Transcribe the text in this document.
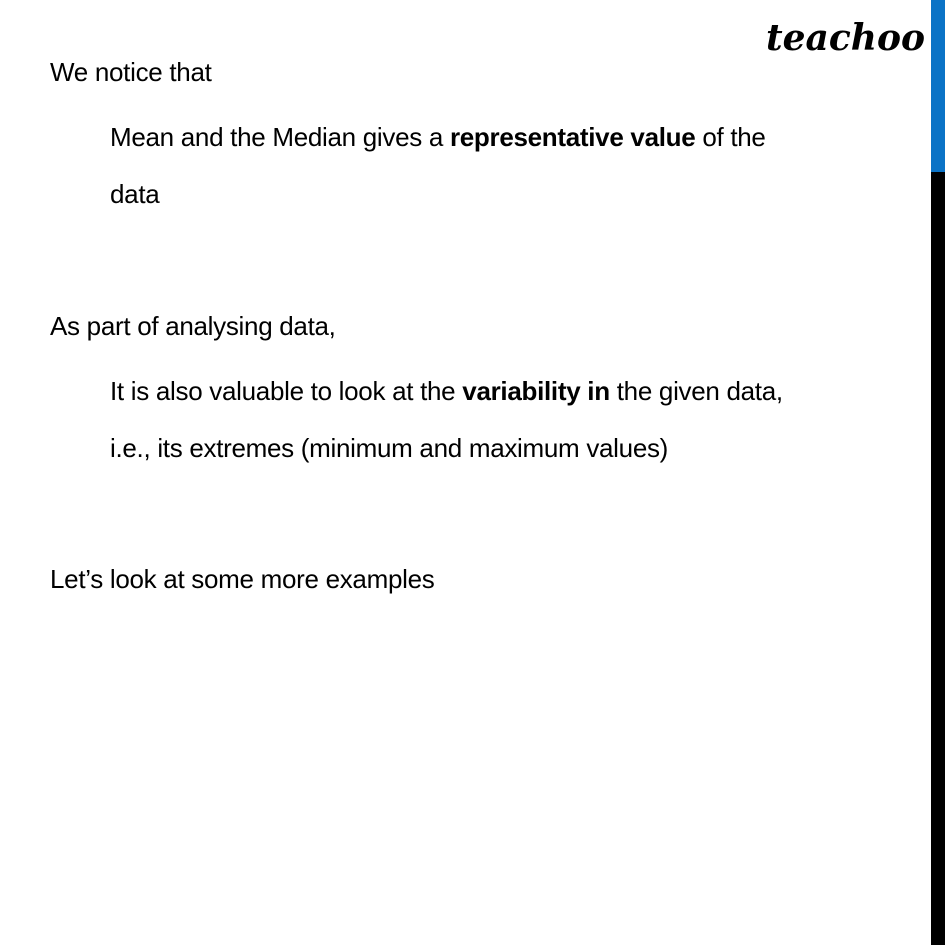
teachoo
We notice that
Mean and the Median gives a representative value of the
data
As part of analysing data,
It is also valuable to look at the variability in the given data,
i.e., its extremes (minimum and maximum values)
Let’s look at some more examples
